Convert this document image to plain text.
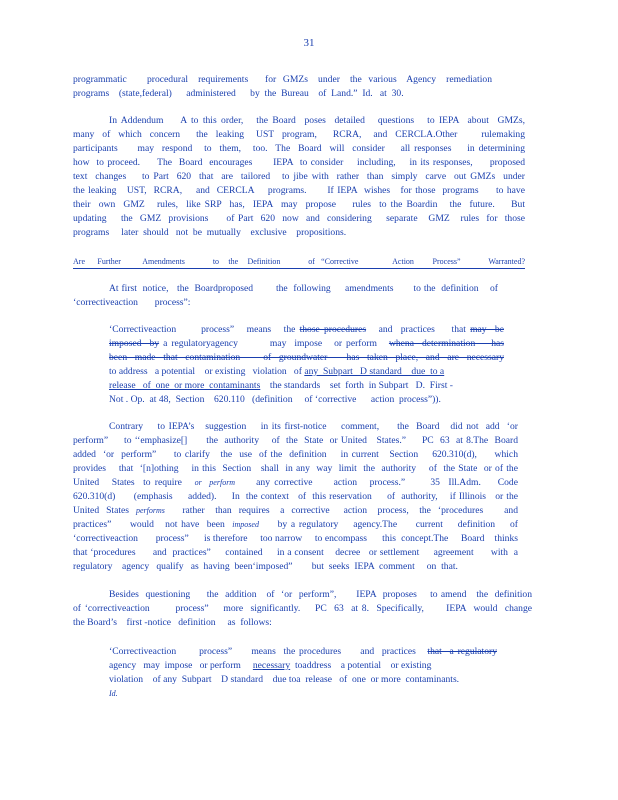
31
programmatic      procedural   requirements     for  GMZs   under   the  various   Agency   remediation
programs    (state,federal)      administered      by  the  Bureau    of  Land.”  Id.   at  30.
In Addendum    A to this order,   the Board  poses  detailed   questions   to IEPA  about  GMZs,
many  of  which  concern    the  leaking   UST  program,    RCRA,   and  CERCLA.Other      rulemaking
participants     may  respond   to  them,   too.  The  Board  will  consider    all responses    in determining
how  to proceed.     The  Board  encourages      IEPA  to consider    including,    in its responses,     proposed
text  changes    to Part  620  that  are  tailored   to jibe with  rather  than  simply  carve  out GMZs  under
the leaking   UST,  RCRA,    and  CERCLA    programs.      If IEPA  wishes   for those  programs     to have
their  own  GMZ   rules,  like SRP  has,  IEPA  may  propose    rules  to the Boardin   the  future.    But
updating    the  GMZ  provisions     of Part  620  now  and  considering    separate   GMZ   rules  for  those
programs     later  should   not  be  mutually    exclusive    propositions.
Are    Further       Amendments         to   the   Definition         of  “Corrective           Action      Process”         Warranted?
At first  notice,   the  Boardproposed        the  following     amendments       to the  definition    of
‘correctiveaction       process”:
‘Correctiveaction      process”   means   the those procedures   and  practices    that may  be
imposed  by a regulatoryagency        may  impose   or perform   whena  determination    has
been  made  that  contamination      of  groundwater     has  taken  place,  and  are  necessary
to address   a potential    or existing   violation   of any  Subpart   D standard    due  to a
release   of  one  or more  contaminants    the standards    set  forth  in Subpart   D.  First -
Not . Op.  at 48,  Section    620.110   (definition     of ‘corrective      action  process”)).
Contrary    to IEPA’s   suggestion    in its first-notice    comment,     the  Board   did not  add  ‘or
perform”     to ‘‘emphasize[]      the  authority    of  the  State  or United   States.”     PC  63  at 8.The  Board
added  ‘or  perform”     to clarify   the  use  of the  definition    in current   Section    620.310(d),     which
provides    that  ‘[n]othing    in this  Section   shall  in any  way  limit  the  authority    of  the State  or of the
United   States  to require   or  perform     any corrective     action   process.”      35  Ill.Adm.    Code
620.310(d)      (emphasis     added).     In  the context   of  this reservation     of  authority,    if Illinois   or the
United  States  performs     rather   than  requires   a  corrective    action   process,   the  ‘procedures      and
practices”     would   not have  been  imposed     by a regulatory    agency.The     current    definition    of
‘correctiveaction       process”      is therefore     too narrow     to encompass      this  concept.The     Board    thinks
that ‘procedures      and  practices”     contained     in a consent    decree   or settlement     agreement      with  a
regulatory    agency   qualify   as  having  been‘imposed”        but  seeks  IEPA  comment     on  that.
Besides  questioning     the  addition   of  ‘or  perform”,      IEPA  proposes    to amend   the  definition
of ‘correctiveaction       process”    more  significantly.    PC  63  at 8.  Specifically,      IEPA  would  change
the Board’s    first -notice   definition     as  follows:
‘Correctiveaction      process”     means  the procedures     and  practices   that  a regulatory
agency   may  impose   or perform     necessary  toaddress    a potential    or existing
violation    of any  Subpart    D standard    due toa  release   of  one  or more  contaminants.
Id.
